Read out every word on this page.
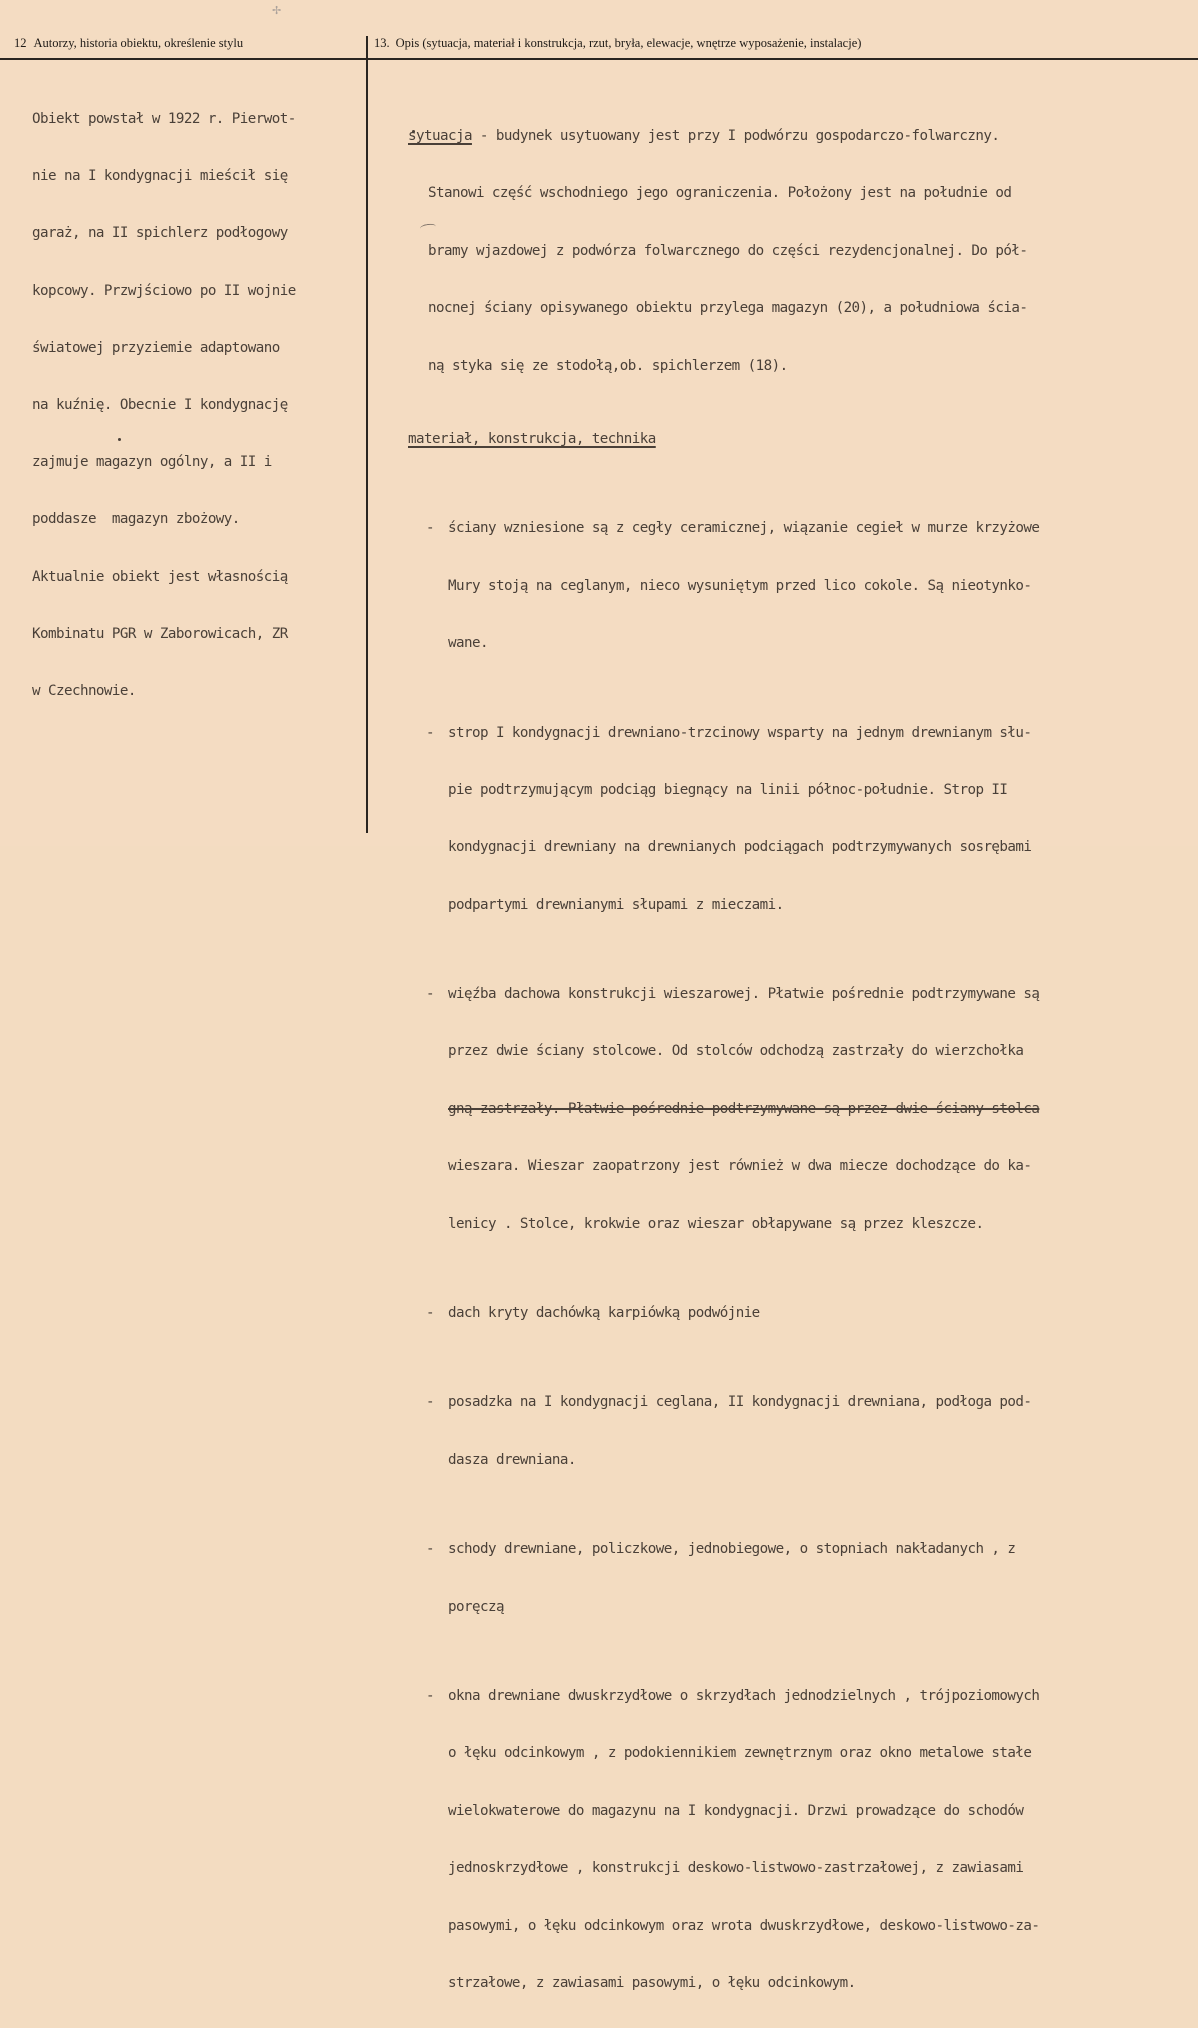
✢
12 Autorzy, historia obiektu, określenie stylu	13. Opis (sytuacja, materiał i konstrukcja, rzut, bryła, elewacje, wnętrze wyposażenie, instalacje)

Obiekt powstał w 1922 r. Pierwot-

nie na I kondygnacji mieścił się

garaż, na II spichlerz podłogowy

kopcowy. Przwjściowo po II wojnie

światowej przyziemie adaptowano

na kuźnię. Obecnie I kondygnację

zajmuje magazyn ogólny, a II i

poddasze  magazyn zbożowy.

Aktualnie obiekt jest własnością

Kombinatu PGR w Zaborowicach, ZR

w Czechnowie.

sytuacja - budynek usytuowany jest przy I podwórzu gospodarczo-folwarczny.

Stanowi część wschodniego jego ograniczenia. Położony jest na południe od

bramy wjazdowej z podwórza folwarcznego do części rezydencjonalnej. Do pół-

nocnej ściany opisywanego obiektu przylega magazyn (20), a południowa ścia-

ną styka się ze stodołą,ob. spichlerzem (18).

materiał, konstrukcja, technika

- ściany wzniesione są z cegły ceramicznej, wiązanie cegieł w murze krzyżowe

Mury stoją na ceglanym, nieco wysuniętym przed lico cokole. Są nieotynko-

wane.

- strop I kondygnacji drewniano-trzcinowy wsparty na jednym drewnianym słu-

pie podtrzymującym podciąg biegnący na linii północ-południe. Strop II

kondygnacji drewniany na drewnianych podciągach podtrzymywanych sosrębami

podpartymi drewnianymi słupami z mieczami.

- więźba dachowa konstrukcji wieszarowej. Płatwie pośrednie podtrzymywane są

przez dwie ściany stolcowe. Od stolców odchodzą zastrzały do wierzchołka

gną zastrzały. Płatwie pośrednie podtrzymywane są przez dwie ściany stolca

wieszara. Wieszar zaopatrzony jest również w dwa miecze dochodzące do ka-

lenicy . Stolce, krokwie oraz wieszar obłapywane są przez kleszcze.

- dach kryty dachówką karpiówką podwójnie

- posadzka na I kondygnacji ceglana, II kondygnacji drewniana, podłoga pod-

dasza drewniana.

- schody drewniane, policzkowe, jednobiegowe, o stopniach nakładanych , z

poręczą

- okna drewniane dwuskrzydłowe o skrzydłach jednodzielnych , trójpoziomowych

o łęku odcinkowym , z podokiennikiem zewnętrznym oraz okno metalowe stałe

wielokwaterowe do magazynu na I kondygnacji. Drzwi prowadzące do schodów

jednoskrzydłowe , konstrukcji deskowo-listwowo-zastrzałowej, z zawiasami

pasowymi, o łęku odcinkowym oraz wrota dwuskrzydłowe, deskowo-listwowo-za-

strzałowe, z zawiasami pasowymi, o łęku odcinkowym.
